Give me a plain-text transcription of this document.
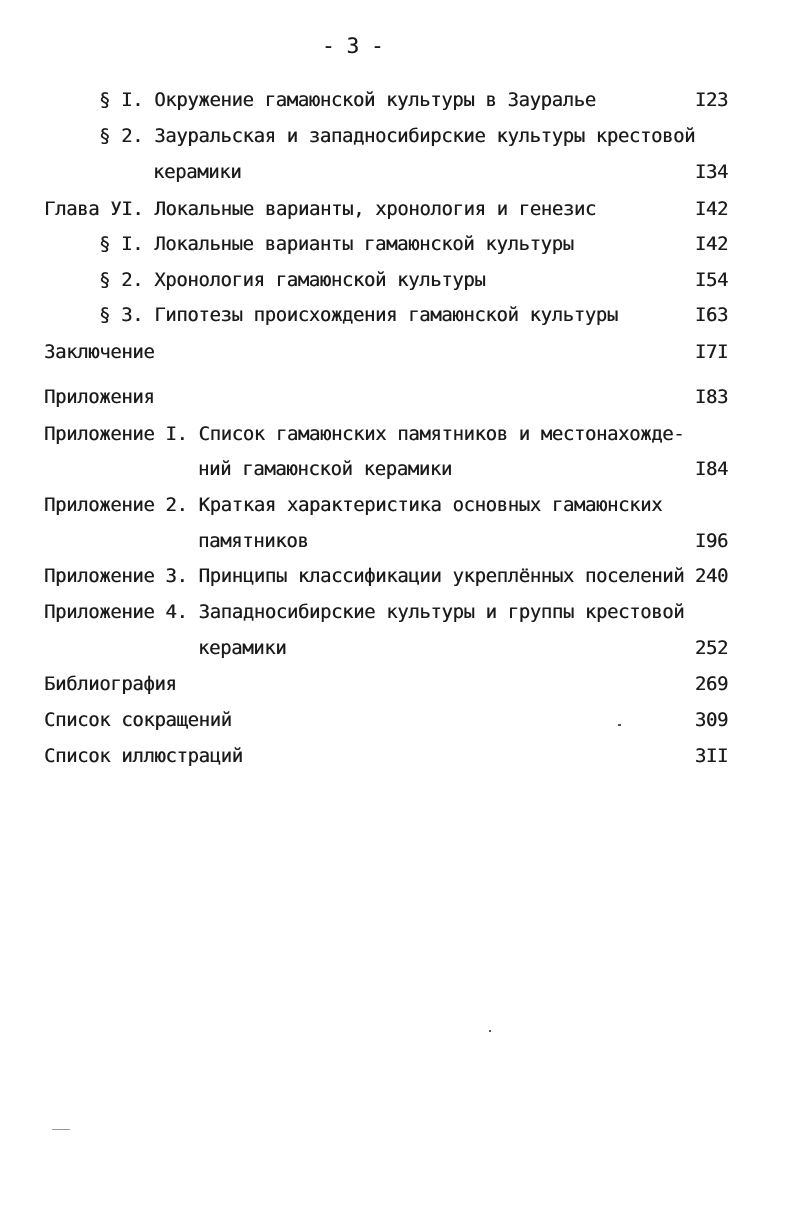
- 3 -
§ I. Окружение гамаюнской культуры в Зауралье	I23
§ 2. Зауральская и западносибирские культуры крестовой
керамики	I34
Глава УI. Локальные варианты, хронология и генезис	I42
§ I. Локальные варианты гамаюнской культуры	I42
§ 2. Хронология гамаюнской культуры	I54
§ 3. Гипотезы происхождения гамаюнской культуры	I63
Заключение	I7I
Приложения	I83
Приложение I. Список гамаюнских памятников и местонахожде-
ний гамаюнской керамики	I84
Приложение 2. Краткая характеристика основных гамаюнских
памятников	I96
Приложение 3. Принципы классификации укреплённых поселений 240
Приложение 4. Западносибирские культуры и группы крестовой
керамики	252
Библиография	269
Список сокращений	309
Список иллюстраций	3II
